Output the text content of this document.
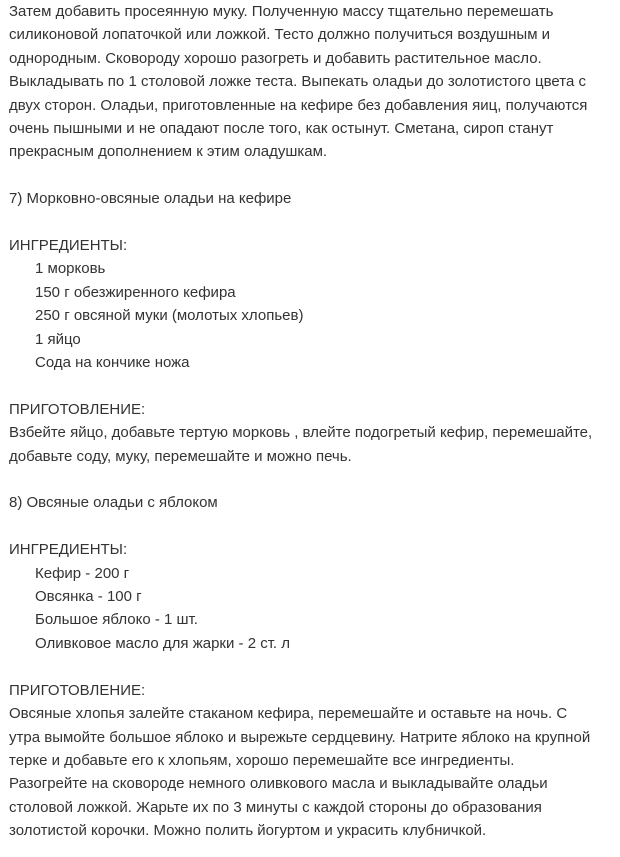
Затем добавить просеянную муку. Полученную массу тщательно перемешать
силиконовой лопаточкой или ложкой. Тесто должно получиться воздушным и
однородным. Сковороду хорошо разогреть и добавить растительное масло.
Выкладывать по 1 столовой ложке теста. Выпекать оладьи до золотистого цвета с
двух сторон. Оладьи, приготовленные на кефире без добавления яиц, получаются
очень пышными и не опадают после того, как остынут. Сметана, сироп станут
прекрасным дополнением к этим оладушкам.
7) Морковно-овсяные оладьи на кефире
ИНГРЕДИЕНТЫ:
1 морковь
150 г обезжиренного кефира
250 г овсяной муки (молотых хлопьев)
1 яйцо
Сода на кончике ножа
ПРИГОТОВЛЕНИЕ:
Взбейте яйцо, добавьте тертую морковь , влейте подогретый кефир, перемешайте,
добавьте соду, муку, перемешайте и можно печь.
8) Овсяные оладьи с яблоком
ИНГРЕДИЕНТЫ:
Кефир - 200 г
Овсянка - 100 г
Большое яблоко - 1 шт.
Оливковое масло для жарки - 2 ст. л
ПРИГОТОВЛЕНИЕ:
Овсяные хлопья залейте стаканом кефира, перемешайте и оставьте на ночь. С
утра вымойте большое яблоко и вырежьте сердцевину. Натрите яблоко на крупной
терке и добавьте его к хлопьям, хорошо перемешайте все ингредиенты.
Разогрейте на сковороде немного оливкового масла и выкладывайте оладьи
столовой ложкой. Жарьте их по 3 минуты с каждой стороны до образования
золотистой корочки. Можно полить йогуртом и украсить клубничкой.
